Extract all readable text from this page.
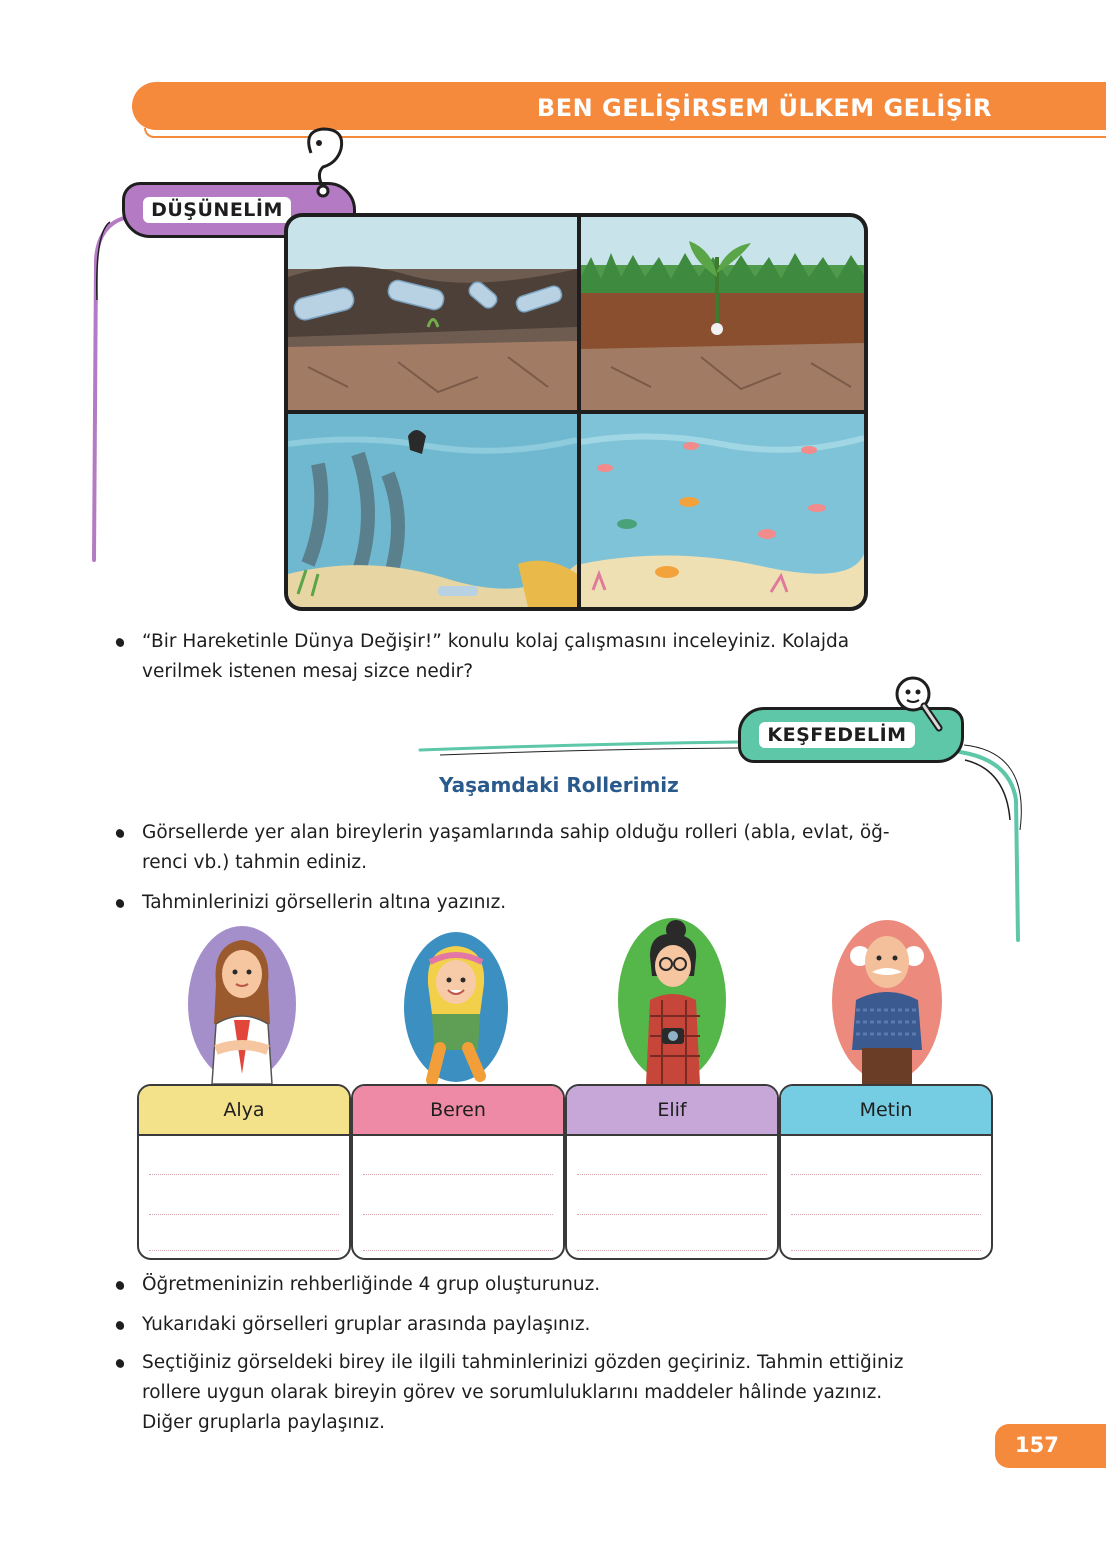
BEN GELİŞİRSEM ÜLKEM GELİŞİR
DÜŞÜNELİM
“Bir Hareketinle Dünya Değişir!” konulu kolaj çalışmasını inceleyiniz. Kolajda
verilmek istenen mesaj sizce nedir?
KEŞFEDELİM
Yaşamdaki Rollerimiz
Görsellerde yer alan bireylerin yaşamlarında sahip olduğu rolleri (abla, evlat, öğ-
renci vb.) tahmin ediniz.
Tahminlerinizi görsellerin altına yazınız.
Alya	Beren	Elif	Metin
Öğretmeninizin rehberliğinde 4 grup oluşturunuz.
Yukarıdaki görselleri gruplar arasında paylaşınız.
Seçtiğiniz görseldeki birey ile ilgili tahminlerinizi gözden geçiriniz. Tahmin ettiğiniz
rollere uygun olarak bireyin görev ve sorumluluklarını maddeler hâlinde yazınız.
Diğer gruplarla paylaşınız.
157
